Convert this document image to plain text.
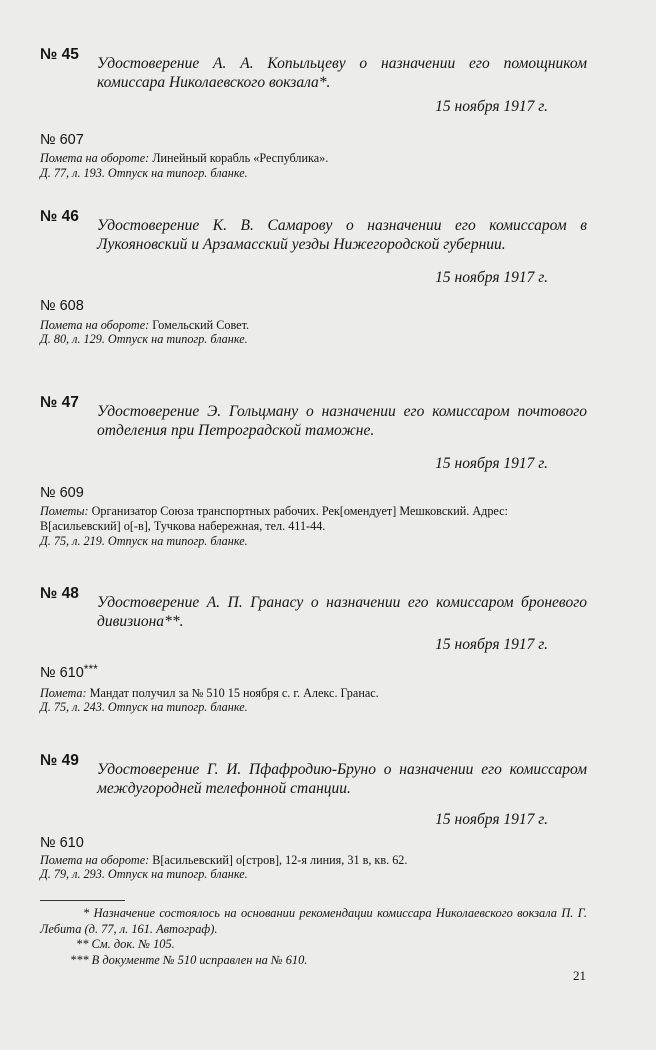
№ 45
Удостоверение А. А. Копыльцеву о назначении его помощником комиссара Николаевского вокзала*.
15 ноября 1917 г.
№ 607
Помета на обороте: Линейный корабль «Республика».
Д. 77, л. 193. Отпуск на типогр. бланке.
№ 46
Удостоверение К. В. Самарову о назначении его комиссаром в Лукояновский и Арзамасский уезды Нижегородской губернии.
15 ноября 1917 г.
№ 608
Помета на обороте: Гомельский Совет.
Д. 80, л. 129. Отпуск на типогр. бланке.
№ 47
Удостоверение Э. Гольцману о назначении его комиссаром почтового отделения при Петроградской таможне.
15 ноября 1917 г.
№ 609
Пометы: Организатор Союза транспортных рабочих. Рек[омендует] Мешковский. Адрес: В[асильевский] о[-в], Тучкова набережная, тел. 411-44.
Д. 75, л. 219. Отпуск на типогр. бланке.
№ 48
Удостоверение А. П. Гранасу о назначении его комиссаром броневого дивизиона**.
15 ноября 1917 г.
№ 610***
Помета: Мандат получил за № 510 15 ноября с. г. Алекс. Гранас.
Д. 75, л. 243. Отпуск на типогр. бланке.
№ 49
Удостоверение Г. И. Пфафродию-Бруно о назначении его комиссаром междугородней телефонной станции.
15 ноября 1917 г.
№ 610
Помета на обороте: В[асильевский] о[стров], 12-я линия, 31 в, кв. 62.
Д. 79, л. 293. Отпуск на типогр. бланке.
* Назначение состоялось на основании рекомендации комиссара Николаевского вокзала П. Г. Лебита (д. 77, л. 161. Автограф).
** См. док. № 105.
*** В документе № 510 исправлен на № 610.
21
